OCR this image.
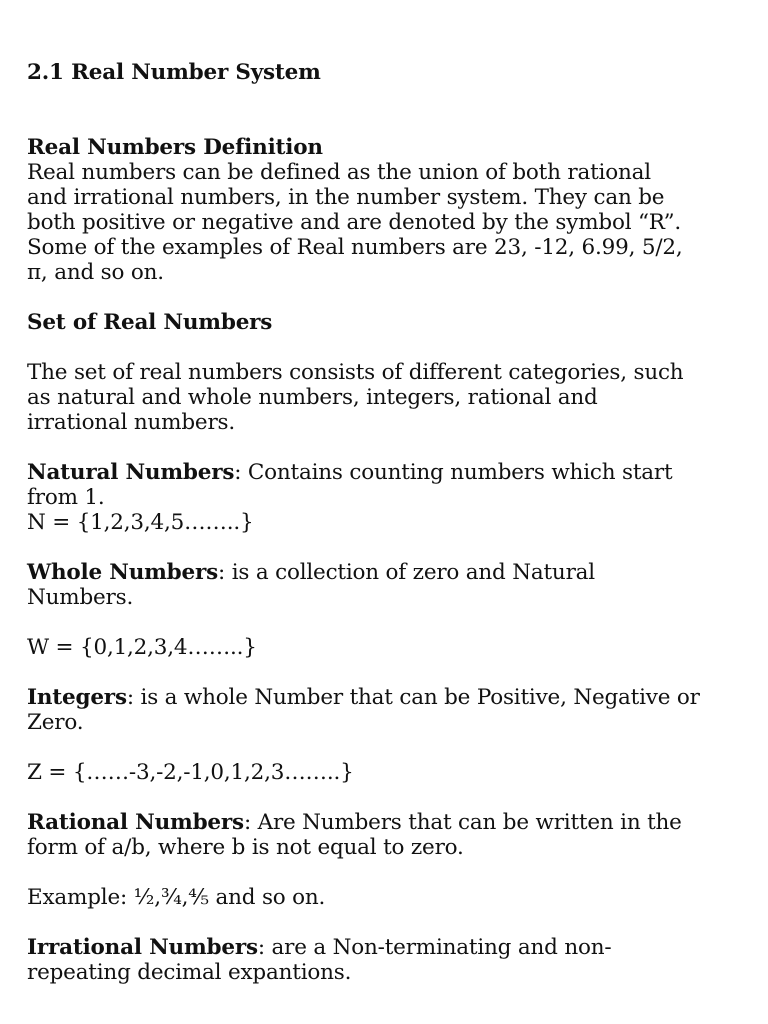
2.1 Real Number System

Real Numbers Definition

Real numbers can be defined as the union of both rational

and irrational numbers, in the number system. They can be

both positive or negative and are denoted by the symbol “R”.

Some of the examples of Real numbers are 23, -12, 6.99, 5/2,

π, and so on.

Set of Real Numbers

The set of real numbers consists of different categories, such

as natural and whole numbers, integers, rational and

irrational numbers.

Natural Numbers: Contains counting numbers which start

from 1.

N = {1,2,3,4,5……..}

Whole Numbers: is a collection of zero and Natural

Numbers.

W = {0,1,2,3,4……..}

Integers: is a whole Number that can be Positive, Negative or

Zero.

Z = {……-3,-2,-1,0,1,2,3……..}

Rational Numbers: Are Numbers that can be written in the

form of a/b, where b is not equal to zero.

Example: ½,¾,⅘ and so on.

Irrational Numbers: are a Non-terminating and non-

repeating decimal expantions.
